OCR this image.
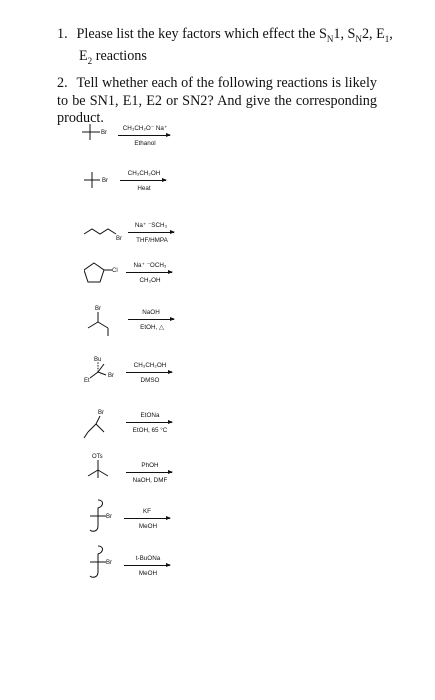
1. Please list the key factors which effect the $S_N1$, $S_N2$, $E_1$,
$E_2$ reactions
2. Tell whether each of the following reactions is likely to be SN1, E1, E2 or SN2? And give the corresponding product.
Br
CH₃CH₂O⁻ Na⁺
Ethanol
Br
CH₃CH₂OH
Heat
Br
Na⁺ ⁻SCH₃
THF/HMPA
Cl
Na⁺ ⁻OCH₃
CH₃OH
Br	NaOH
EtOH, △
Bu
Et
Br
CH₃CH₂OH
DMSO
Br	EtONa
EtOH, 65 °C
OTs
PhOH
NaOH, DMF
Br
KF
MeOH
Br
t-BuONa
MeOH
